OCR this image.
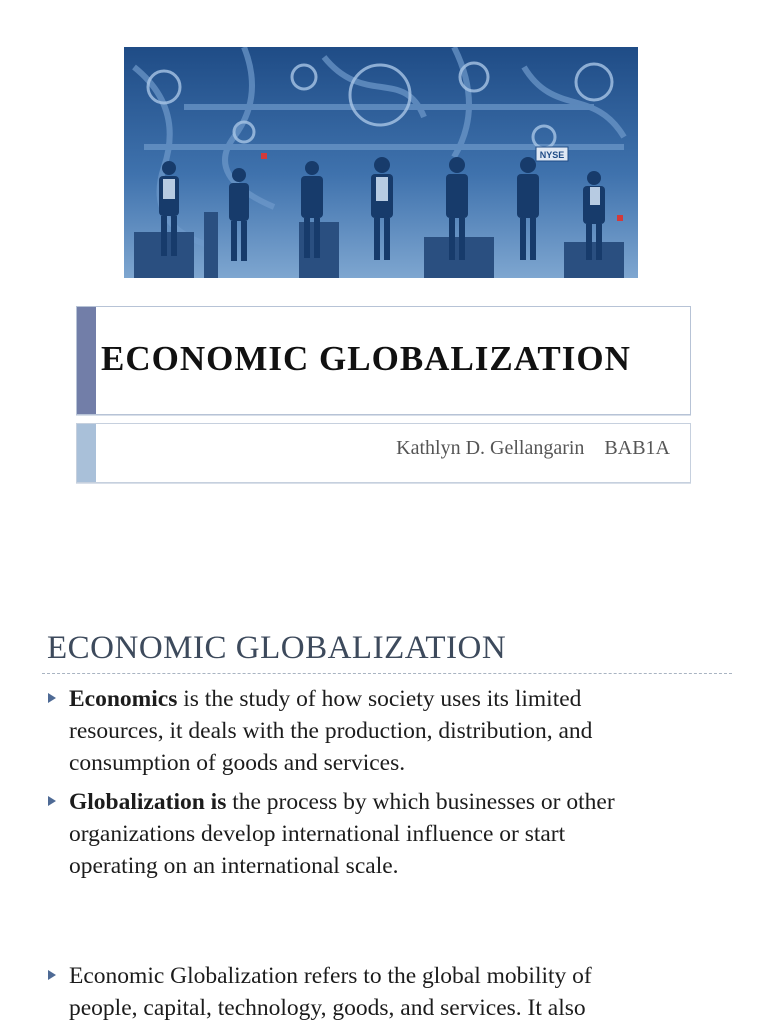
NYSE
ECONOMIC GLOBALIZATION
Kathlyn D. Gellangarin BAB1A
ECONOMIC GLOBALIZATION
Economics is the study of how society uses its limited
resources, it deals with the production, distribution, and
consumption of goods and services.
Globalization is the process by which businesses or other
organizations develop international influence or start
operating on an international scale.
Economic Globalization refers to the global mobility of
people, capital, technology, goods, and services. It also
